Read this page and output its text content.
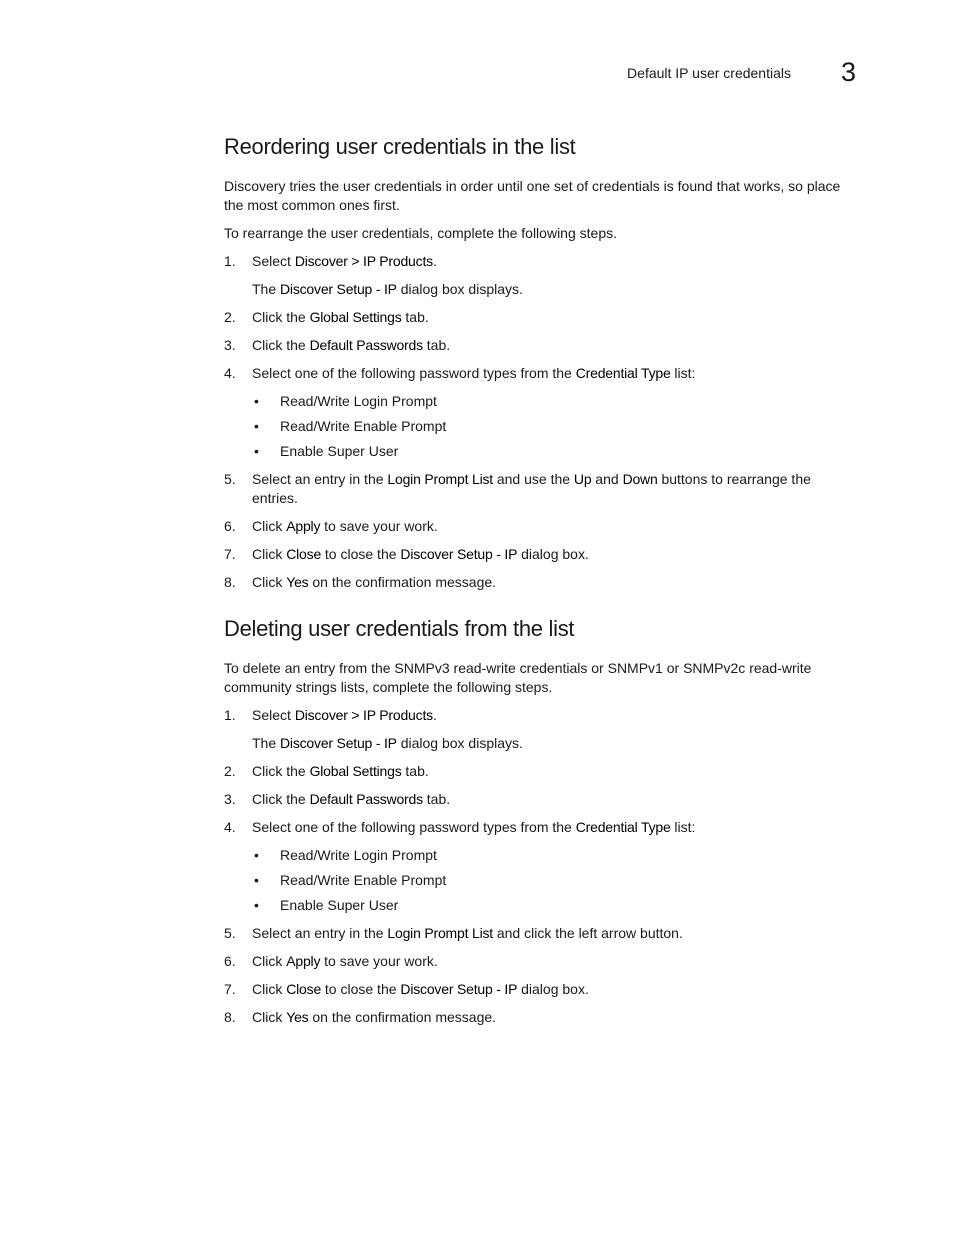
Default IP user credentials 3
Reordering user credentials in the list

Discovery tries the user credentials in order until one set of credentials is found that works, so place the most common ones first.

To rearrange the user credentials, complete the following steps.

1. Select Discover > IP Products.
The Discover Setup - IP dialog box displays.
2. Click the Global Settings tab.
3. Click the Default Passwords tab.
4. Select one of the following password types from the Credential Type list:
• Read/Write Login Prompt
• Read/Write Enable Prompt
• Enable Super User
5. Select an entry in the Login Prompt List and use the Up and Down buttons to rearrange the entries.
6. Click Apply to save your work.
7. Click Close to close the Discover Setup - IP dialog box.
8. Click Yes on the confirmation message.
Deleting user credentials from the list

To delete an entry from the SNMPv3 read-write credentials or SNMPv1 or SNMPv2c read-write community strings lists, complete the following steps.

1. Select Discover > IP Products.
The Discover Setup - IP dialog box displays.
2. Click the Global Settings tab.
3. Click the Default Passwords tab.
4. Select one of the following password types from the Credential Type list:
• Read/Write Login Prompt
• Read/Write Enable Prompt
• Enable Super User
5. Select an entry in the Login Prompt List and click the left arrow button.
6. Click Apply to save your work.
7. Click Close to close the Discover Setup - IP dialog box.
8. Click Yes on the confirmation message.
